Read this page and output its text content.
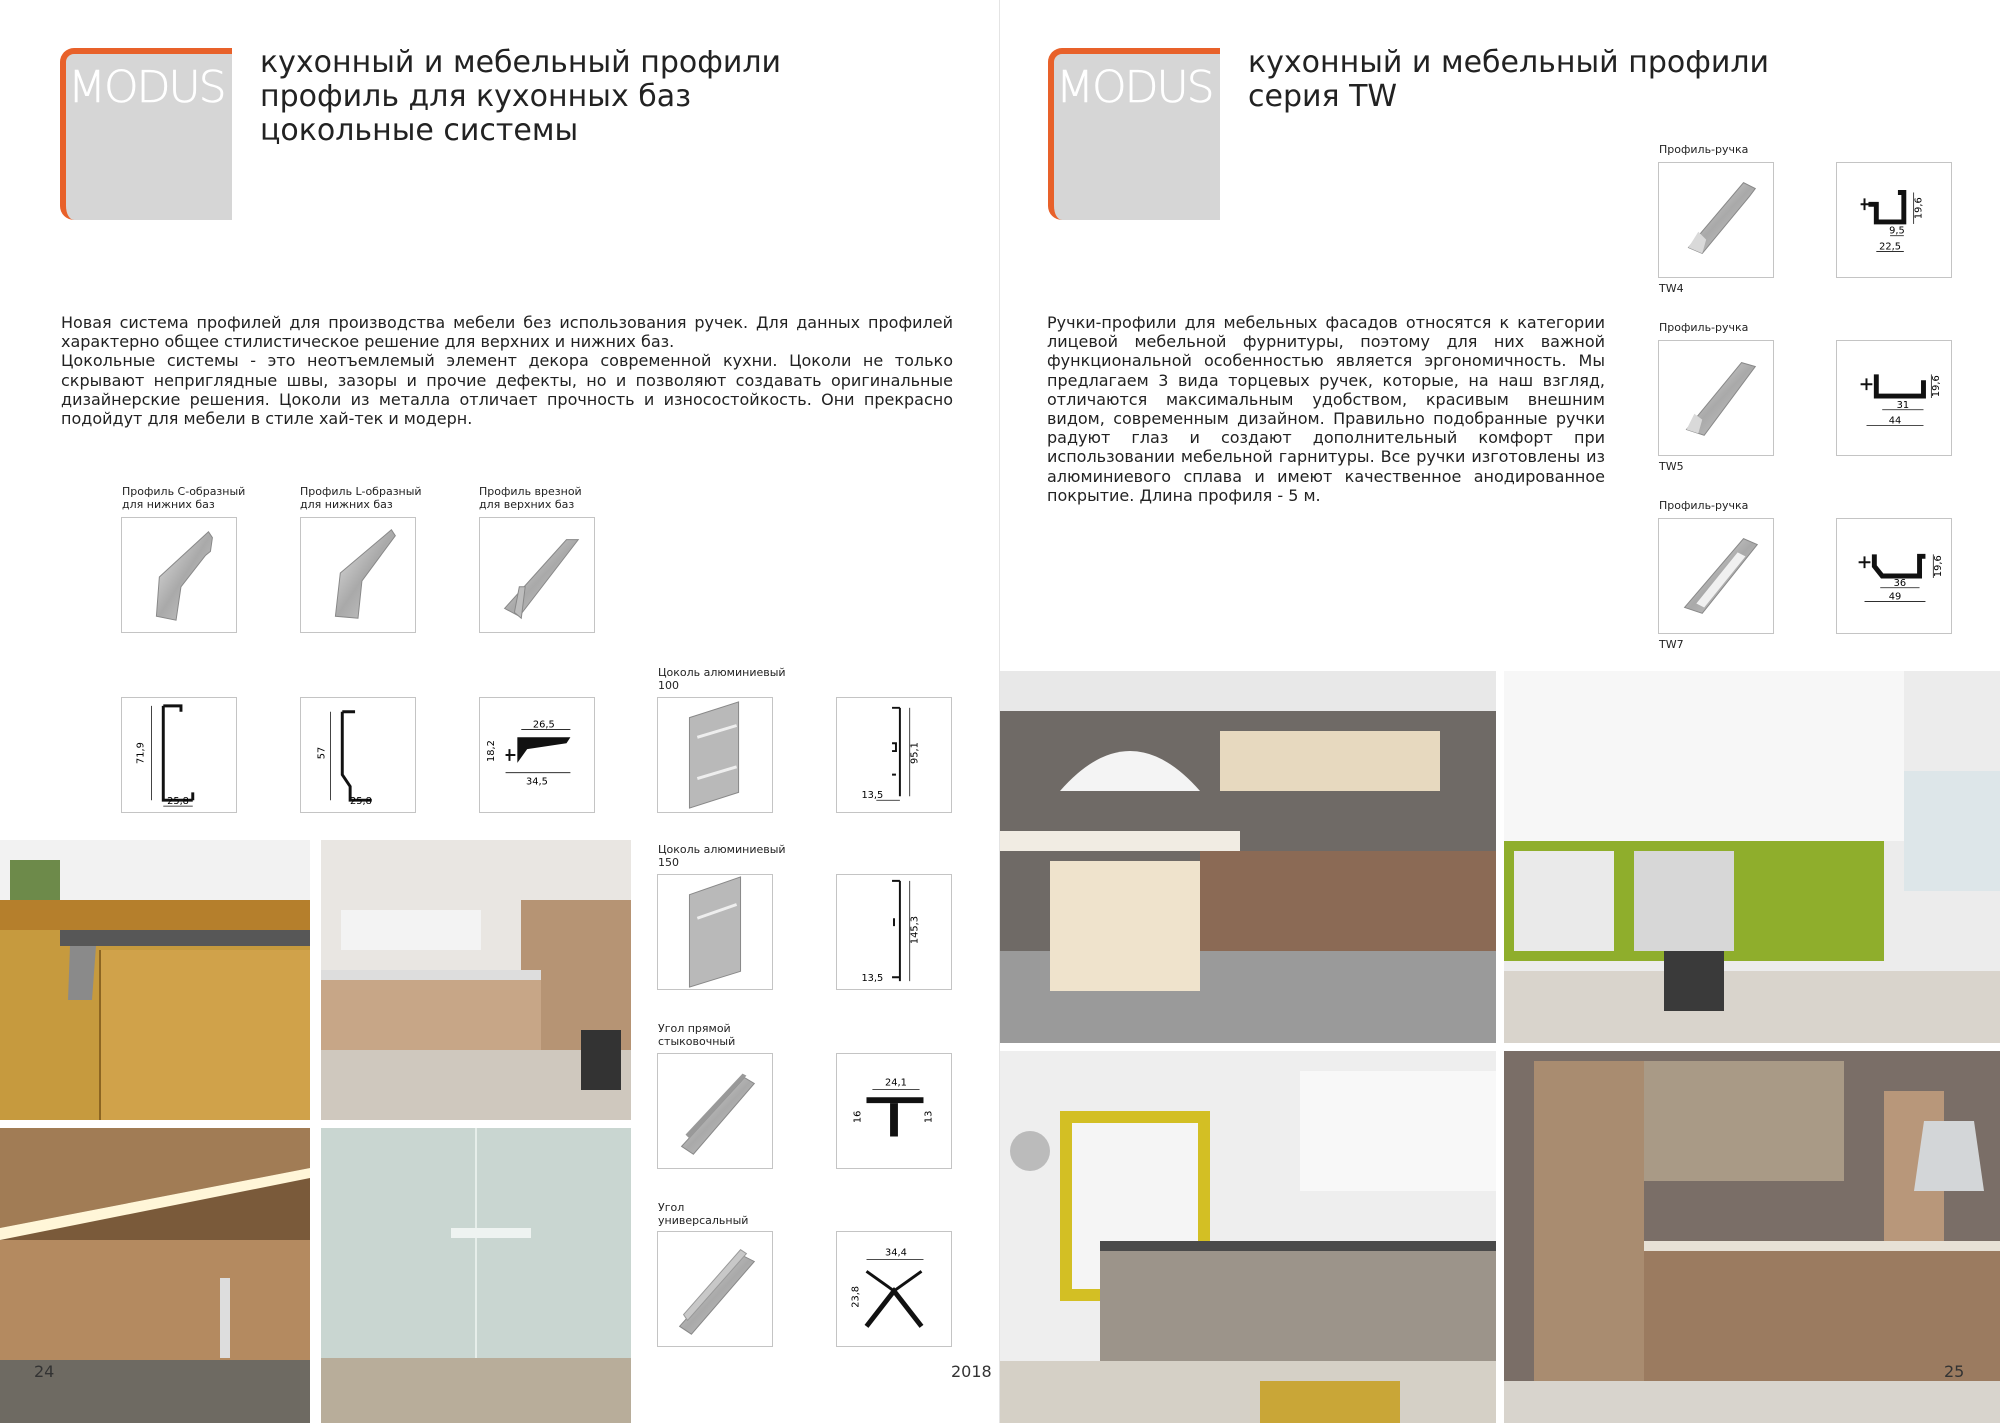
MODUS кухонный и мебельный профили
профиль для кухонных баз
цокольные системы

Новая система профилей для производства мебели без использования ручек. Для данных профилей характерно общее стилистическое решение для верхних и нижних баз.

Цокольные системы - это неотъемлемый элемент декора современной кухни. Цоколи не только скрывают неприглядные швы, зазоры и прочие дефекты, но и позволяют создавать оригинальные дизайнерские решения. Цоколи из металла отличает прочность и износостойкость. Они прекрасно подойдут для мебели в стиле хай-тек и модерн.

Профиль С-образный
для нижних баз
Профиль L-образный
для нижних баз
Профиль врезной
для верхних баз
71,9
25,8
57
25,8
26,5
18,2
34,5
Цоколь алюминиевый
100
Цоколь алюминиевый
150
Угол прямой
стыковочный
Угол
универсальный
95,1
13,5
145,3
13,5
24,1
16	13
34,4
23,8
24	2018
MODUS кухонный и мебельный профили
серия TW

Ручки-профили для мебельных фасадов относятся к категории лицевой мебельной фурнитуры, поэтому для них важной функциональной особенностью является эргономичность. Мы предлагаем 3 вида торцевых ручек, которые, на наш взгляд, отличаются максимальным удобством, красивым внешним видом, современным дизайном. Правильно подобранные ручки радуют глаз и создают дополнительный комфорт при использовании мебельной гарнитуры. Все ручки изготовлены из алюминиевого сплава и имеют качественное анодированное покрытие. Длина профиля - 5 м.

Профиль-ручка
TW4
19,6
9,5
22,5
Профиль-ручка
TW5
19,6
31
44
Профиль-ручка
TW7
19,6
36
49
25
